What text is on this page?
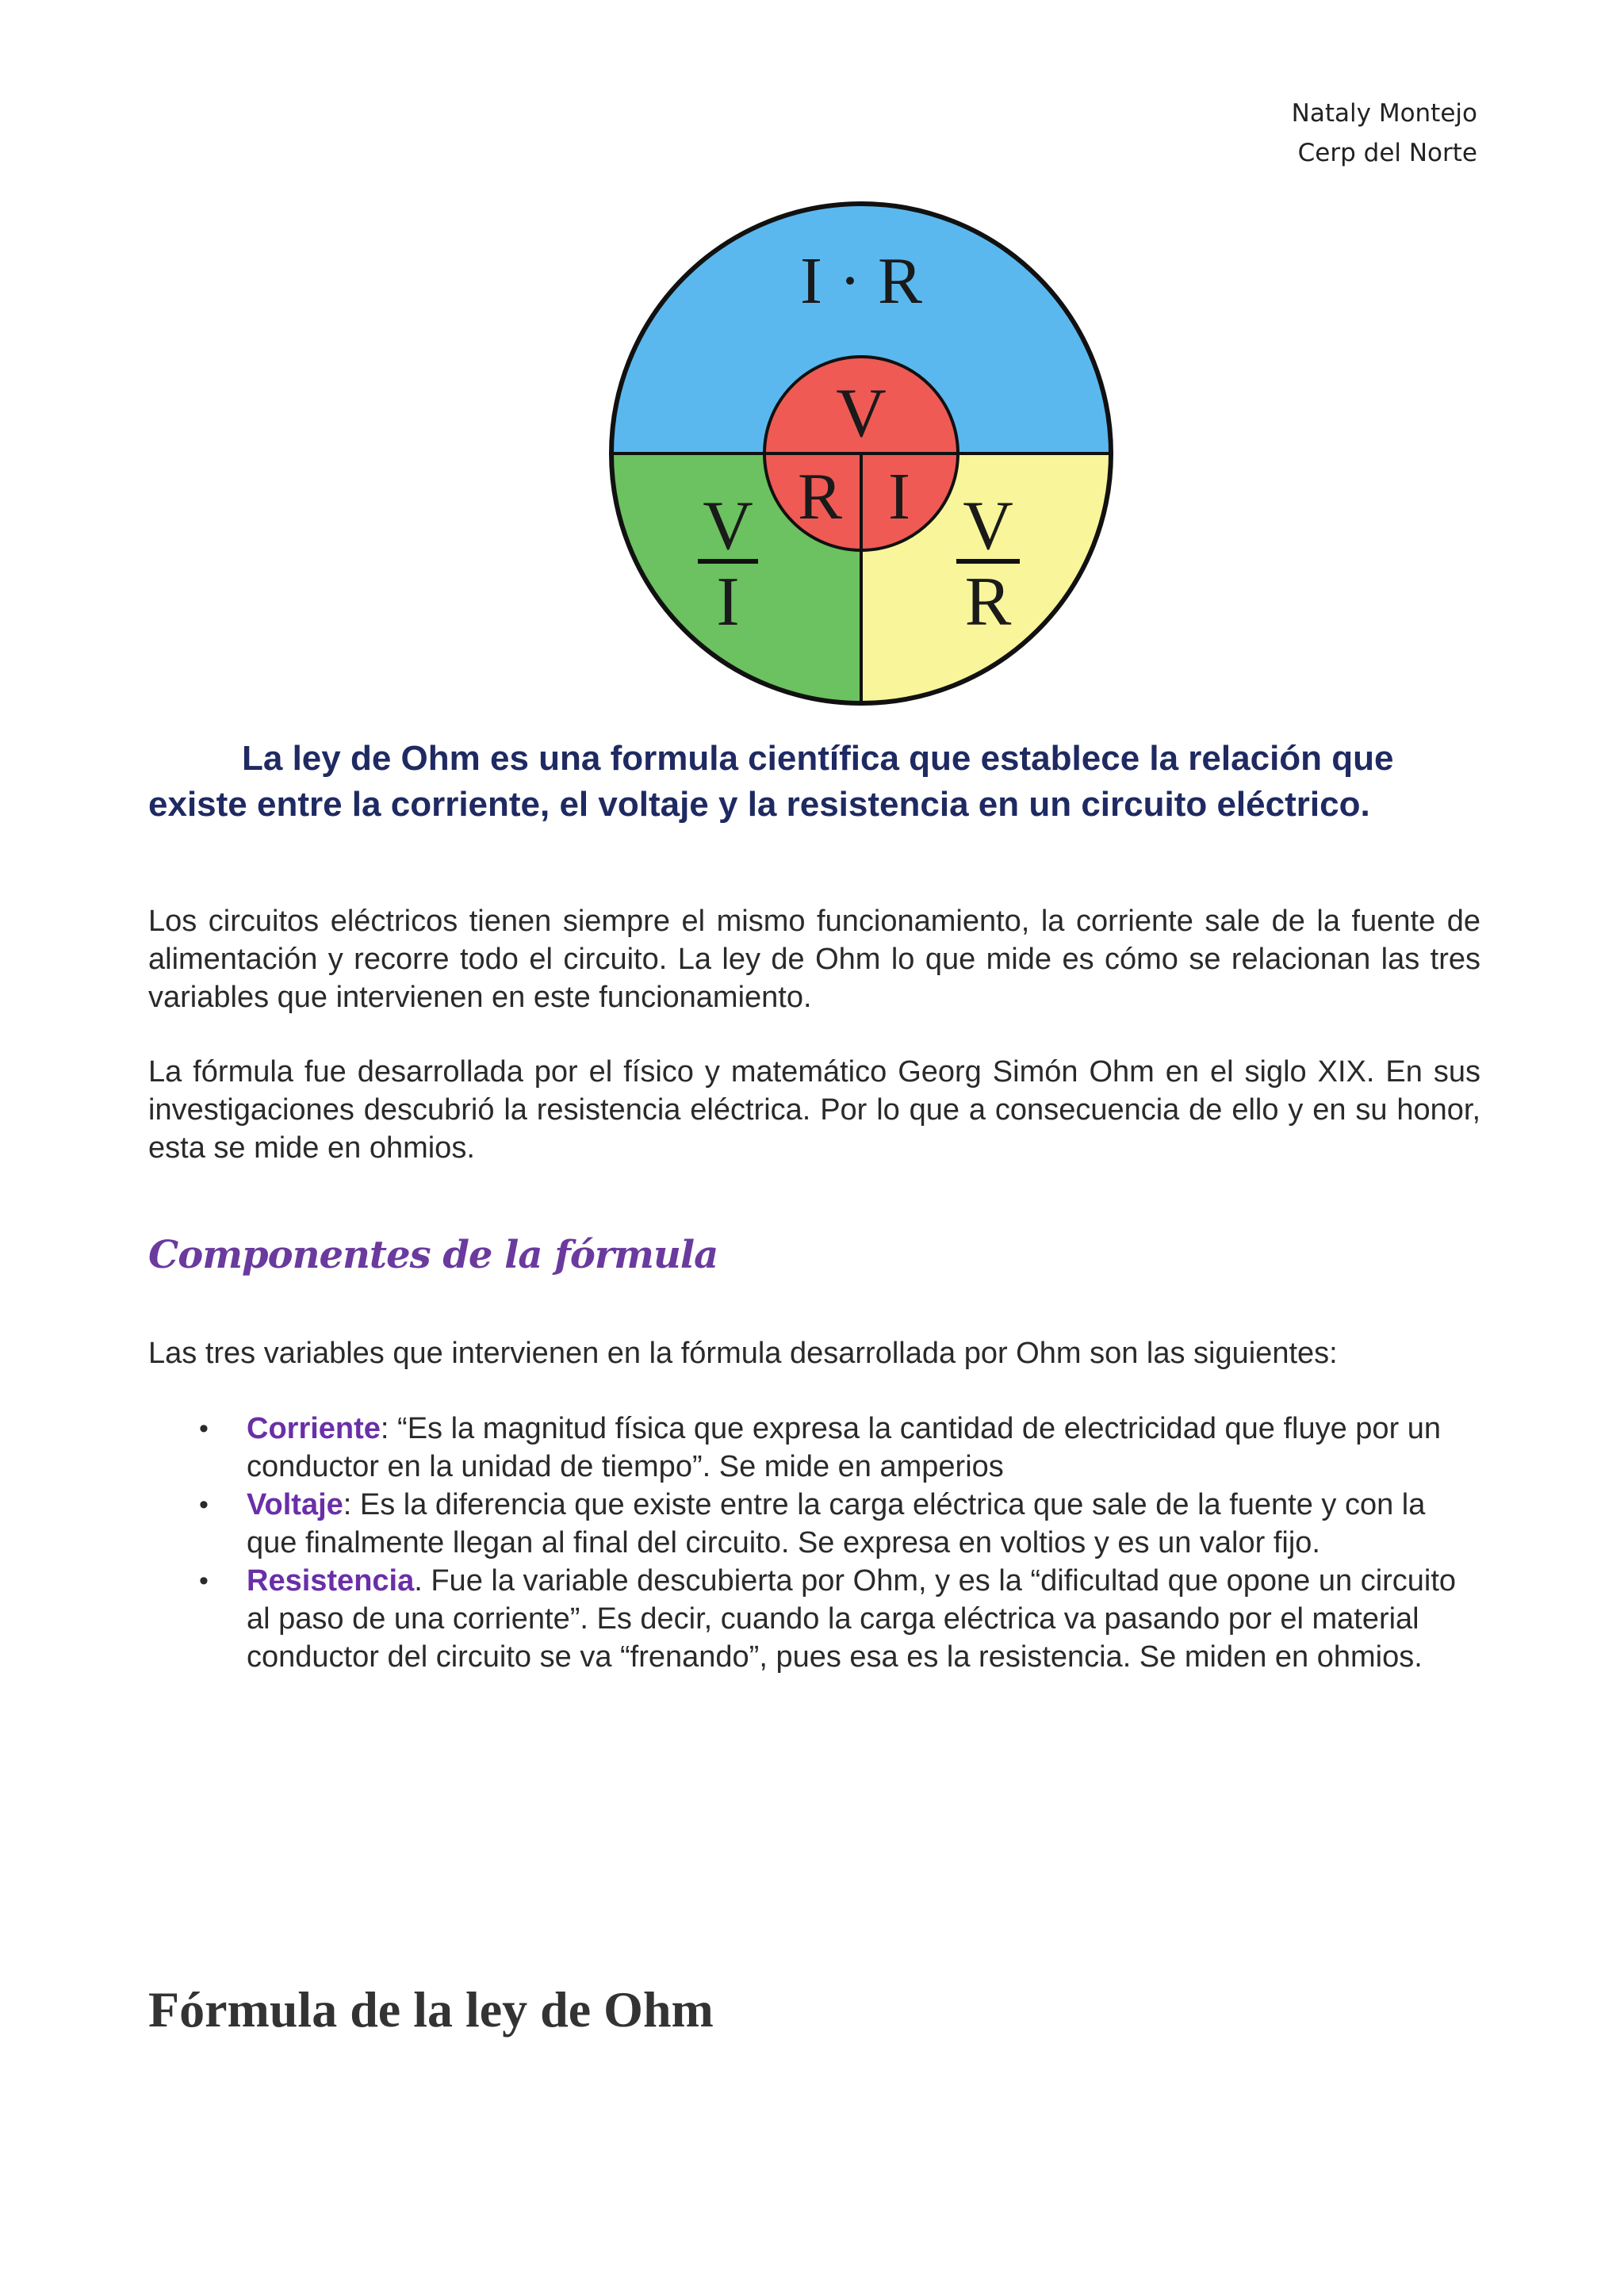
Nataly Montejo
Cerp del Norte
I · R
V
R I
V
I
V
R

La ley de Ohm es una formula científica que establece la relación que existe entre la corriente, el voltaje y la resistencia en un circuito eléctrico.

Los circuitos eléctricos tienen siempre el mismo funcionamiento, la corriente sale de la fuente de alimentación y recorre todo el circuito. La ley de Ohm lo que mide es cómo se relacionan las tres variables que intervienen en este funcionamiento.

La fórmula fue desarrollada por el físico y matemático Georg Simón Ohm en el siglo XIX. En sus investigaciones descubrió la resistencia eléctrica. Por lo que a consecuencia de ello y en su honor, esta se mide en ohmios.

Componentes de la fórmula

Las tres variables que intervienen en la fórmula desarrollada por Ohm son las siguientes:

• Corriente: “Es la magnitud física que expresa la cantidad de electricidad que fluye por un conductor en la unidad de tiempo”. Se mide en amperios
• Voltaje: Es la diferencia que existe entre la carga eléctrica que sale de la fuente y con la que finalmente llegan al final del circuito. Se expresa en voltios y es un valor fijo.
• Resistencia. Fue la variable descubierta por Ohm, y es la “dificultad que opone un circuito al paso de una corriente”. Es decir, cuando la carga eléctrica va pasando por el material conductor del circuito se va “frenando”, pues esa es la resistencia. Se miden en ohmios.
Fórmula de la ley de Ohm
